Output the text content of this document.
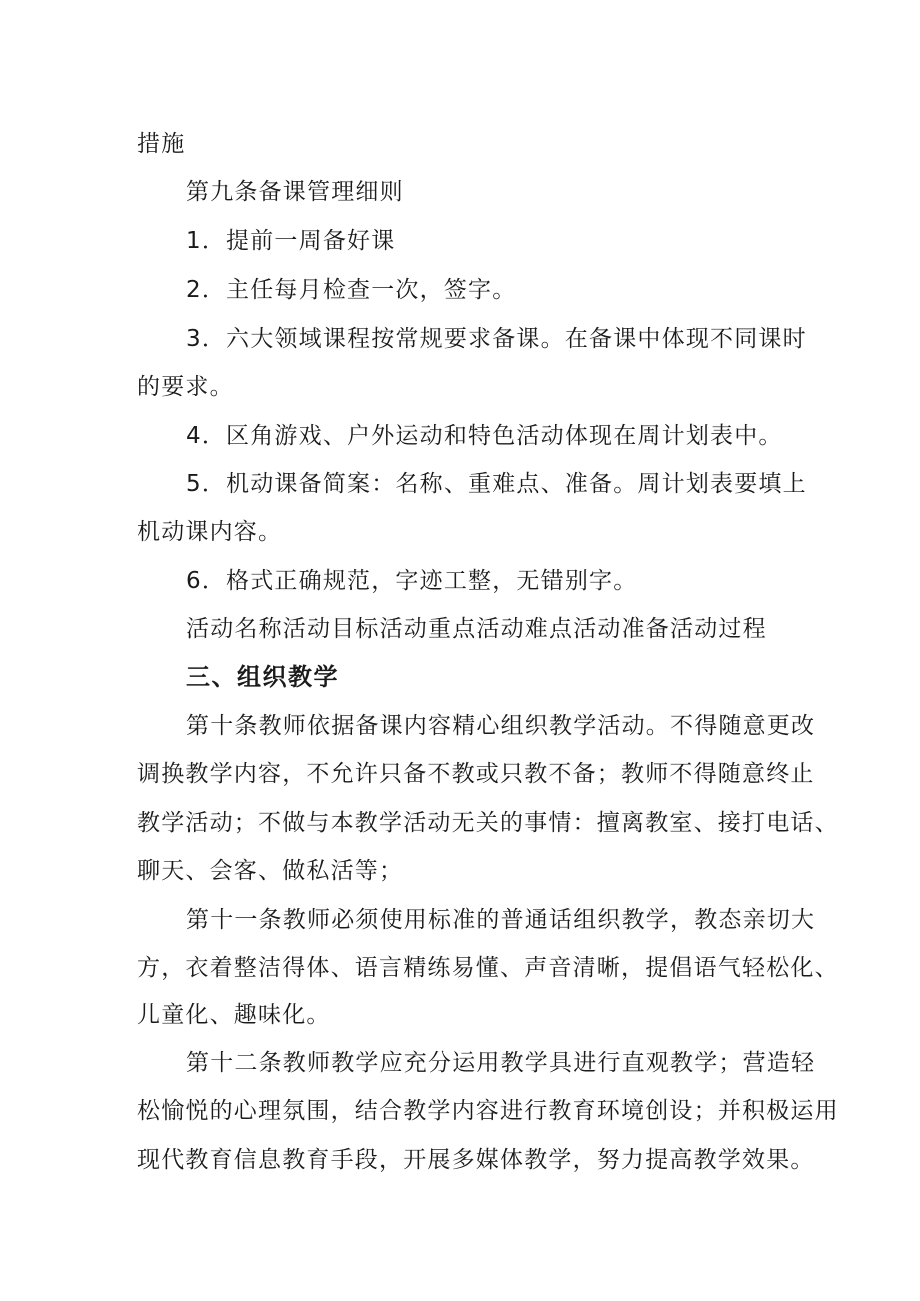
措施
第九条备课管理细则
1．提前一周备好课
2．主任每月检查一次，签字。
3．六大领域课程按常规要求备课。在备课中体现不同课时
的要求。
4．区角游戏、户外运动和特色活动体现在周计划表中。
5．机动课备简案：名称、重难点、准备。周计划表要填上
机动课内容。
6．格式正确规范，字迹工整，无错别字。
活动名称活动目标活动重点活动难点活动准备活动过程
三、组织教学
第十条教师依据备课内容精心组织教学活动。不得随意更改
调换教学内容，不允许只备不教或只教不备；教师不得随意终止
教学活动；不做与本教学活动无关的事情：擅离教室、接打电话、
聊天、会客、做私活等；
第十一条教师必须使用标准的普通话组织教学，教态亲切大
方，衣着整洁得体、语言精练易懂、声音清晰，提倡语气轻松化、
儿童化、趣味化。
第十二条教师教学应充分运用教学具进行直观教学；营造轻
松愉悦的心理氛围，结合教学内容进行教育环境创设；并积极运用
现代教育信息教育手段，开展多媒体教学，努力提高教学效果。
